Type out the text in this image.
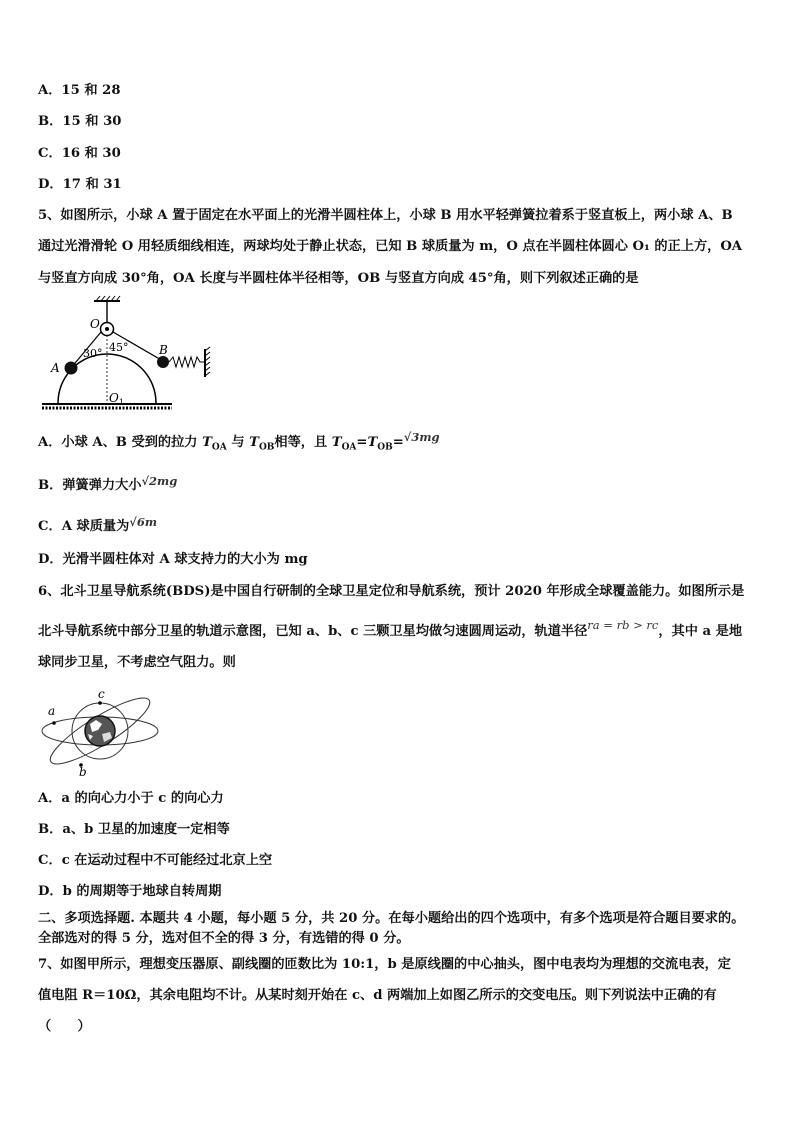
A．15 和 28
B．15 和 30
C．16 和 30
D．17 和 31
5、如图所示，小球 A 置于固定在水平面上的光滑半圆柱体上，小球 B 用水平轻弹簧拉着系于竖直板上，两小球 A、B
通过光滑滑轮 O 用轻质细线相连，两球均处于静止状态，已知 B 球质量为 m，O 点在半圆柱体圆心 O₁ 的正上方，OA
与竖直方向成 30°角，OA 长度与半圆柱体半径相等，OB 与竖直方向成 45°角，则下列叙述正确的是
O
A
B
30° 45°
$O_1$
A．小球 A、B 受到的拉力 $T_{OA}$ 与 $T_{OB}$相等，且 $T_{OA}=T_{OB}=√3mg$
B．弹簧弹力大小√2mg
C．A 球质量为√6m
D．光滑半圆柱体对 A 球支持力的大小为 mg
6、北斗卫星导航系统(BDS)是中国自行研制的全球卫星定位和导航系统，预计 2020 年形成全球覆盖能力。如图所示是
北斗导航系统中部分卫星的轨道示意图，已知 a、b、c 三颗卫星均做匀速圆周运动，轨道半径ra = rb > rc，其中 a 是地
球同步卫星，不考虑空气阻力。则
a
b
c
A．a 的向心力小于 c 的向心力
B．a、b 卫星的加速度一定相等
C．c 在运动过程中不可能经过北京上空
D．b 的周期等于地球自转周期
二、多项选择题. 本题共 4 小题，每小题 5 分，共 20 分。在每小题给出的四个选项中，有多个选项是符合题目要求的。
全部选对的得 5 分，选对但不全的得 3 分，有选错的得 0 分。
7、如图甲所示，理想变压器原、副线圈的匝数比为 10:1，b 是原线圈的中心抽头，图中电表均为理想的交流电表，定
值电阻 R＝10Ω，其余电阻均不计。从某时刻开始在 c、d 两端加上如图乙所示的交变电压。则下列说法中正确的有
（　　）
